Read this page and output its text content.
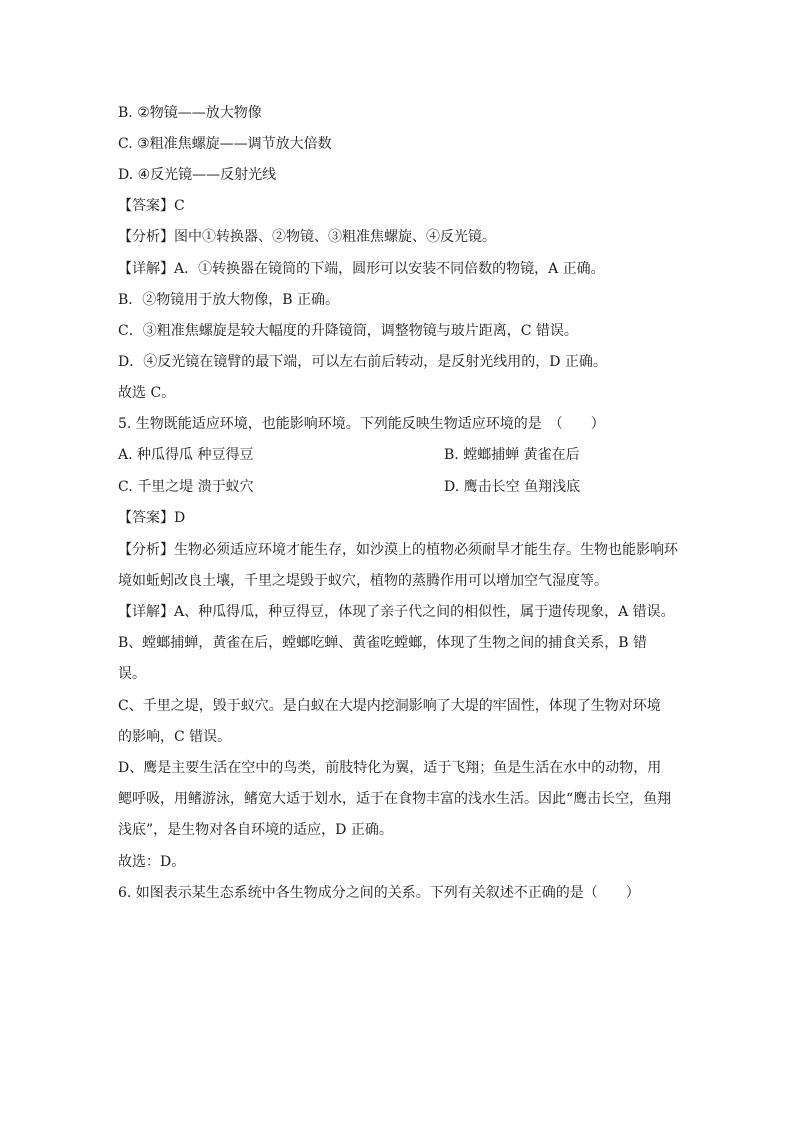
B. ②物镜——放大物像
C. ③粗准焦螺旋——调节放大倍数
D. ④反光镜——反射光线
【答案】C
【分析】图中①转换器、②物镜、③粗准焦螺旋、④反光镜。
【详解】A．①转换器在镜筒的下端，圆形可以安装不同倍数的物镜，A 正确。
B．②物镜用于放大物像，B 正确。
C．③粗准焦螺旋是较大幅度的升降镜筒，调整物镜与玻片距离，C 错误。
D．④反光镜在镜臂的最下端，可以左右前后转动，是反射光线用的，D 正确。
故选 C。
5. 生物既能适应环境，也能影响环境。下列能反映生物适应环境的是　（　　）
A. 种瓜得瓜 种豆得豆	B. 螳螂捕蝉 黄雀在后
C. 千里之堤 溃于蚁穴	D. 鹰击长空 鱼翔浅底
【答案】D
【分析】生物必须适应环境才能生存，如沙漠上的植物必须耐旱才能生存。生物也能影响环
境如蚯蚓改良土壤，千里之堤毁于蚁穴，植物的蒸腾作用可以增加空气湿度等。
【详解】A、种瓜得瓜，种豆得豆，体现了亲子代之间的相似性，属于遗传现象，A 错误。
B、螳螂捕蝉，黄雀在后，螳螂吃蝉、黄雀吃螳螂，体现了生物之间的捕食关系，B 错
误。
C、千里之堤，毁于蚁穴。是白蚁在大堤内挖洞影响了大堤的牢固性，体现了生物对环境
的影响，C 错误。
D、鹰是主要生活在空中的鸟类，前肢特化为翼，适于飞翔；鱼是生活在水中的动物，用
鳃呼吸，用鳍游泳，鳍宽大适于划水，适于在食物丰富的浅水生活。因此“鹰击长空，鱼翔
浅底”，是生物对各自环境的适应，D 正确。
故选：D。
6. 如图表示某生态系统中各生物成分之间的关系。下列有关叙述不正确的是（　　）
